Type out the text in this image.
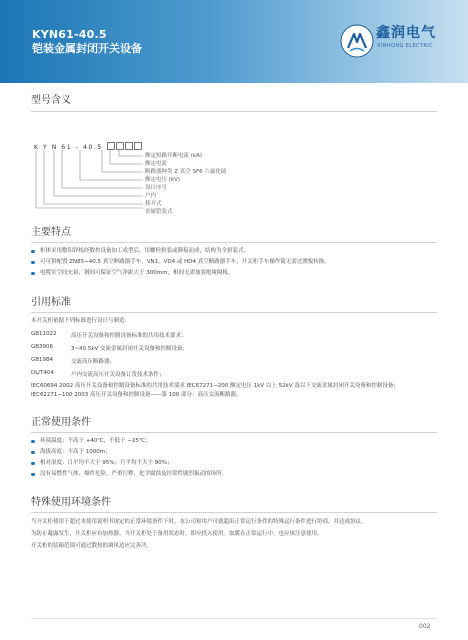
KYN61-40.5
铠装金属封闭开关设备
鑫润电气
XINHONG ELECTRIC
型号含义
K Y N 61 - 40.5
额定短路开断电流 (kA)
额定电流
断路器种类 Z 真空 SF6 六氟化硫
额定电压 (kV)
设计序号
户内
移开式
金属铠装式
主要特点
柜体采用敷铝锌板经数控设备加工成型后，用螺栓拼装或铆接而成，结构为全拼装式。
可可拼配置 ZN85−40.5 真空断路器手车，VN1、VD4 或 HD4 真空断路器手车，开关柜手车操作简无需过渡板转换。
电缆室空间充裕，钢间可保证空气净距大于 300mm，相间无需加装绝缘隔板。
引用标准
本开关柜依据下列标准进行设计与制造：
GB11022	高压开关设备和控制设备标准的共用技术要求；
GB3906	3~40.5kV 交流金属封闭开关设备和控制设备；
GB1984	交流高压断路器；
DL/T404	户内交流高压开关设备订货技术条件；
IEC60694 2002 高压开关设备和控制设备标准的共用技术要求 IEC67271−200 额定电压 1kV 以上 52kV 及以下交流金属封闭开关设备和控制设备；
IEC62271−100 2003 高压开关设备和控制设备——第 100 部分：高压交流断路器。
正常使用条件
环境温度：不高于 +40℃，不低于 −25℃；
海拔高度：不高于 1000m；
相对湿度：日平均不大于 95%；月平均不大于 90%；
没有易燃性气体、爆炸危险、严重污秽、化学腐蚀及经常性剧烈振动的场所。
特殊使用环境条件
当开关柜使用于超过本使用说明书规定的正常环境条件下时，本公司和用户可就超出正常运行条件的特殊运行条件进行协商，并达成协议。
为防止凝露发生，开关柜应有加热器。当开关柜处于备用状态时，即应投入使用。取暖在正常运行中，也应该注意使用。
开关柜的装箱范围可通过散热的调风适应完善决。
002
